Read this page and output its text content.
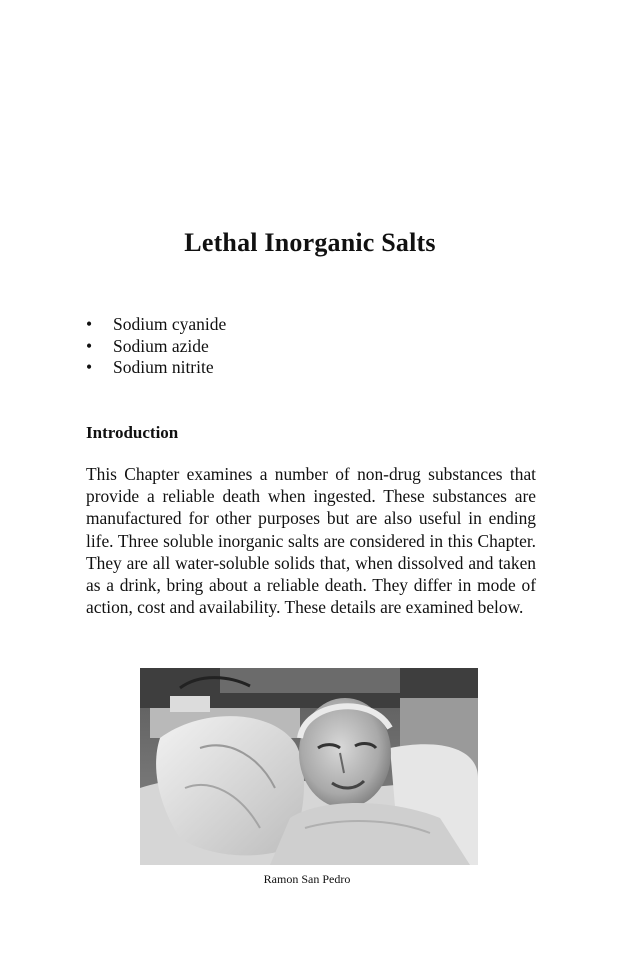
Lethal Inorganic Salts
• Sodium cyanide
• Sodium azide
• Sodium nitrite
Introduction

This Chapter examines a number of non-drug substances that provide a reliable death when ingested. These substances are manufactured for other purposes but are also useful in ending life. Three soluble inorganic salts are considered in this Chapter. They are all water-soluble solids that, when dissolved and taken as a drink, bring about a reliable death. They differ in mode of action, cost and availability. These details are examined below.

Ramon San Pedro
